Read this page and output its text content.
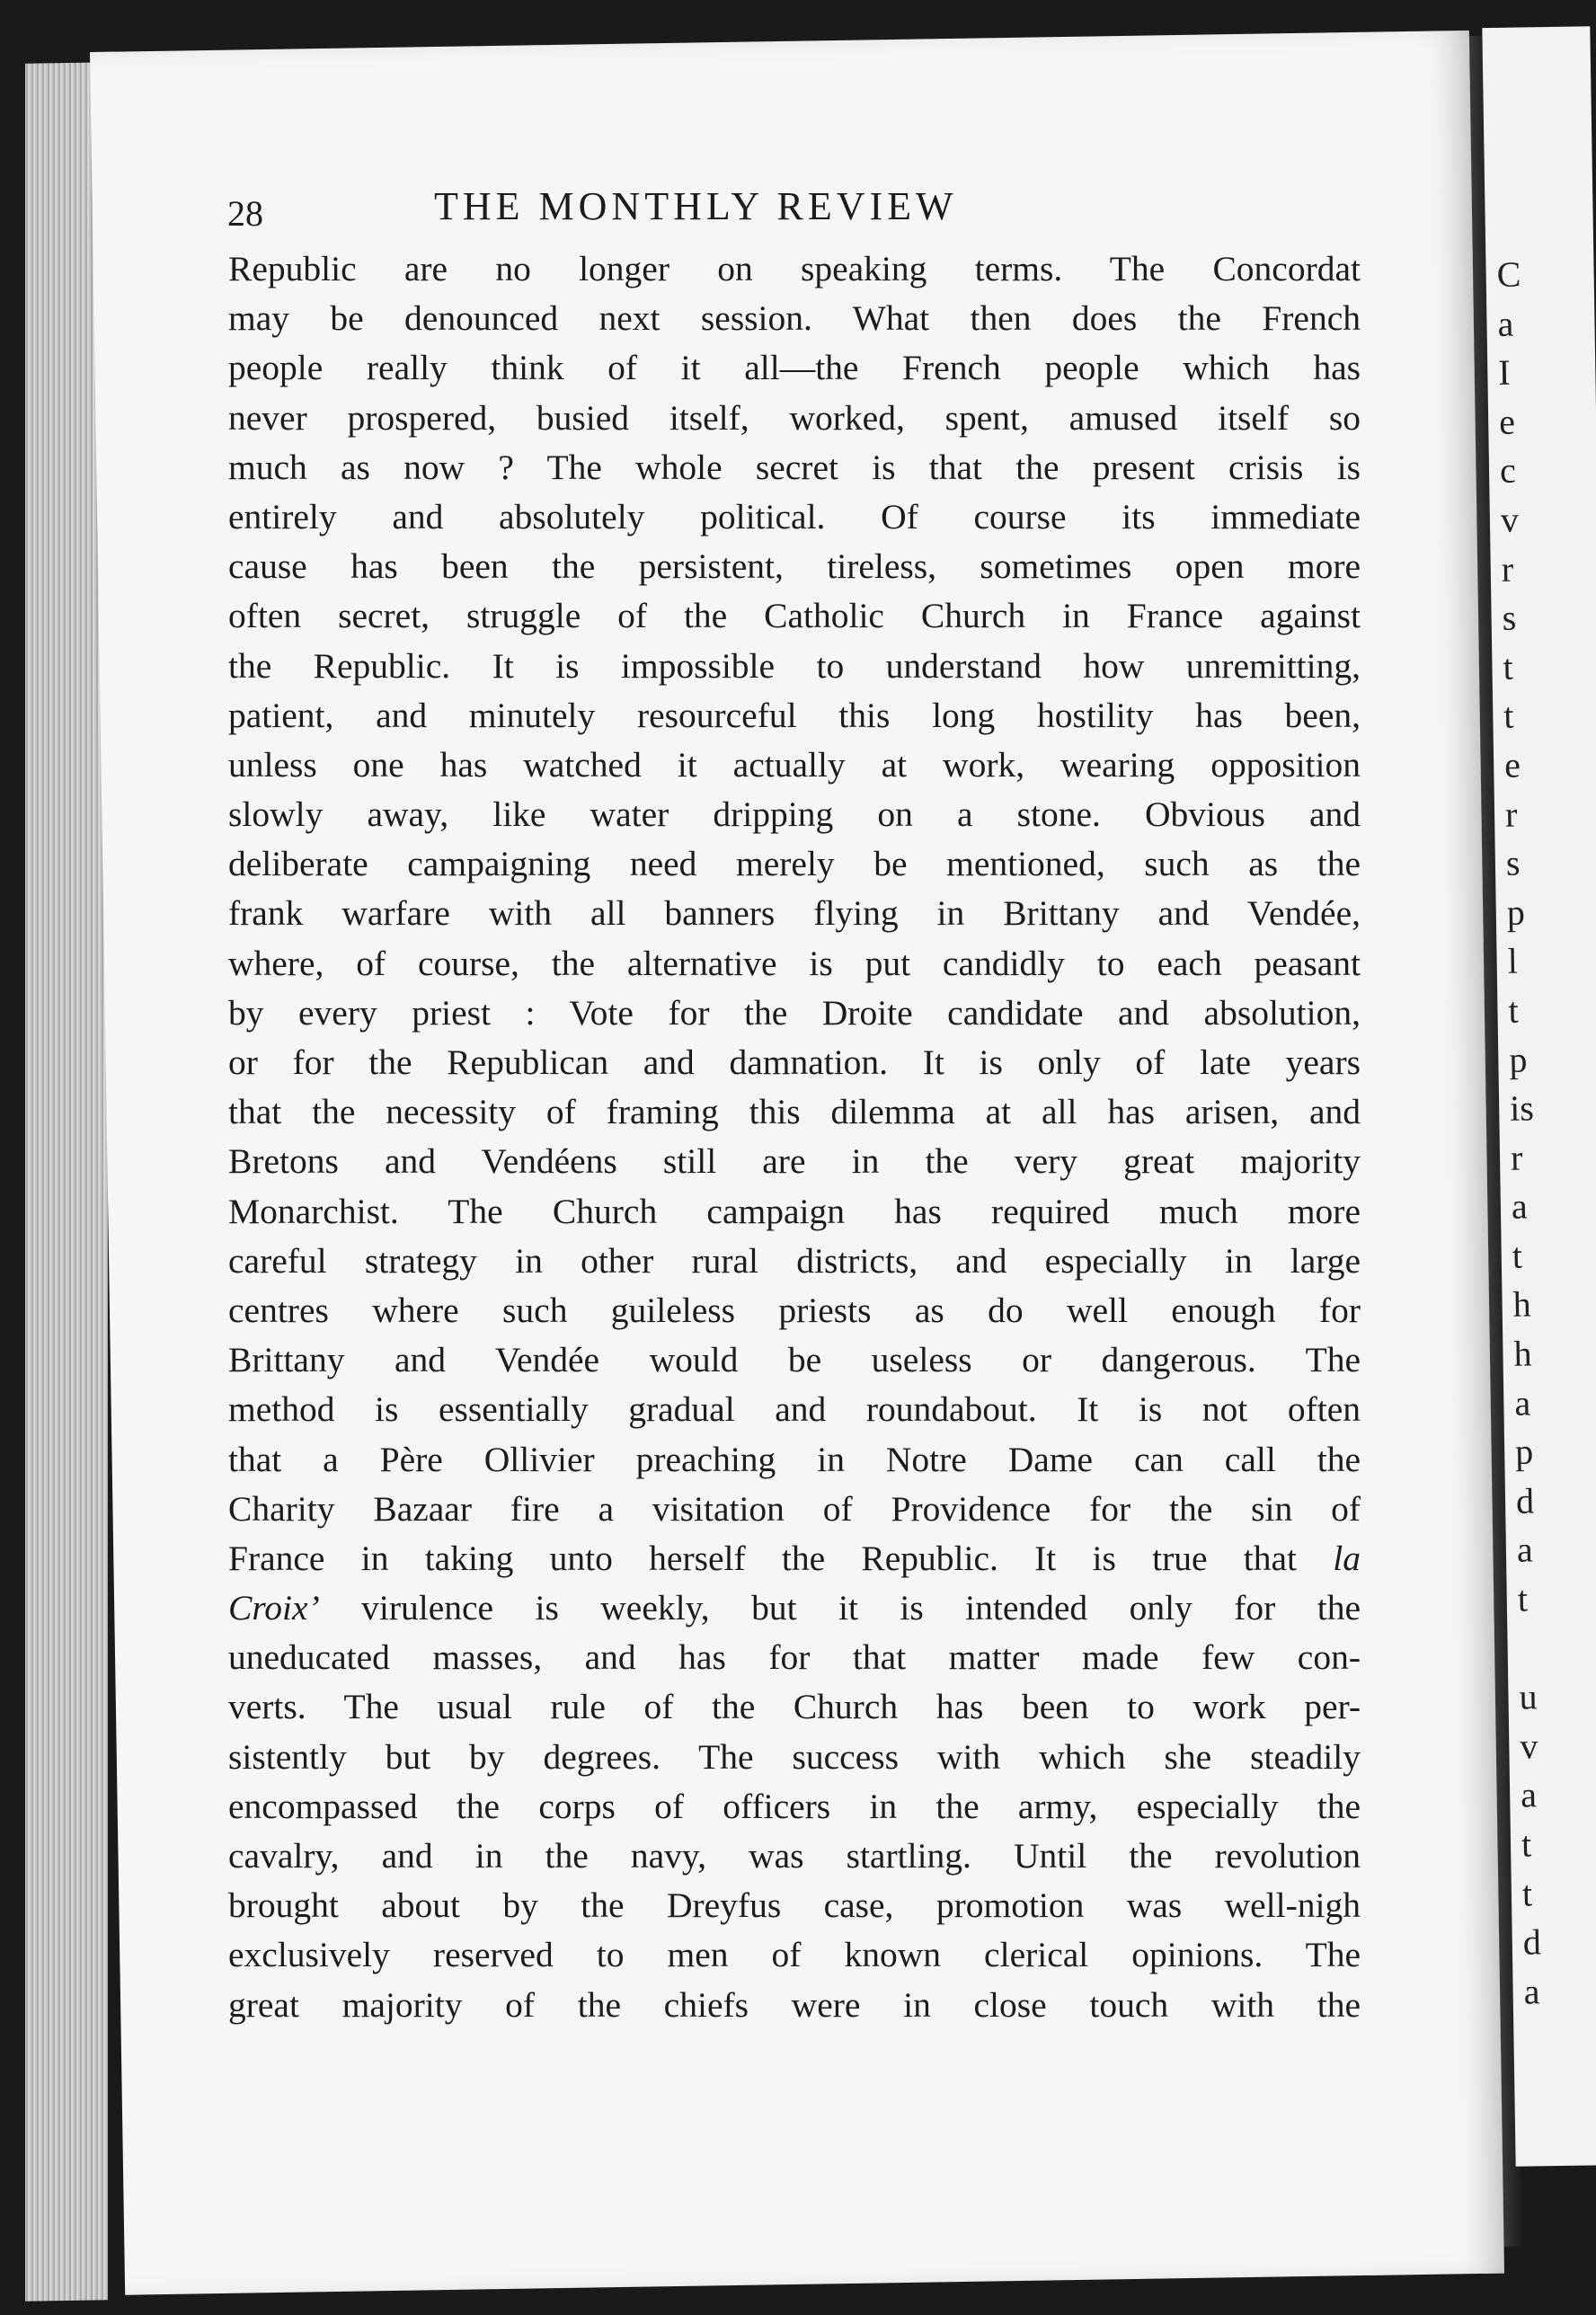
C
a
I
e
c
v
r
s
t
t
e
r
s
p
l
t
p
is
r
a
t
h
h
a
p
d
a
t
u
v
a
t
t
d
a
28	THE MONTHLY REVIEW
Republic are no longer on speaking terms. The Concordat
may be denounced next session. What then does the French
people really think of it all—the French people which has
never prospered, busied itself, worked, spent, amused itself so
much as now ? The whole secret is that the present crisis is
entirely and absolutely political. Of course its immediate
cause has been the persistent, tireless, sometimes open more
often secret, struggle of the Catholic Church in France against
the Republic. It is impossible to understand how unremitting,
patient, and minutely resourceful this long hostility has been,
unless one has watched it actually at work, wearing opposition
slowly away, like water dripping on a stone. Obvious and
deliberate campaigning need merely be mentioned, such as the
frank warfare with all banners flying in Brittany and Vendée,
where, of course, the alternative is put candidly to each peasant
by every priest : Vote for the Droite candidate and absolution,
or for the Republican and damnation. It is only of late years
that the necessity of framing this dilemma at all has arisen, and
Bretons and Vendéens still are in the very great majority
Monarchist. The Church campaign has required much more
careful strategy in other rural districts, and especially in large
centres where such guileless priests as do well enough for
Brittany and Vendée would be useless or dangerous. The
method is essentially gradual and roundabout. It is not often
that a Père Ollivier preaching in Notre Dame can call the
Charity Bazaar fire a visitation of Providence for the sin of
France in taking unto herself the Republic. It is true that la
Croix’ virulence is weekly, but it is intended only for the
uneducated masses, and has for that matter made few con-
verts. The usual rule of the Church has been to work per-
sistently but by degrees. The success with which she steadily
encompassed the corps of officers in the army, especially the
cavalry, and in the navy, was startling. Until the revolution
brought about by the Dreyfus case, promotion was well-nigh
exclusively reserved to men of known clerical opinions. The
great majority of the chiefs were in close touch with the
